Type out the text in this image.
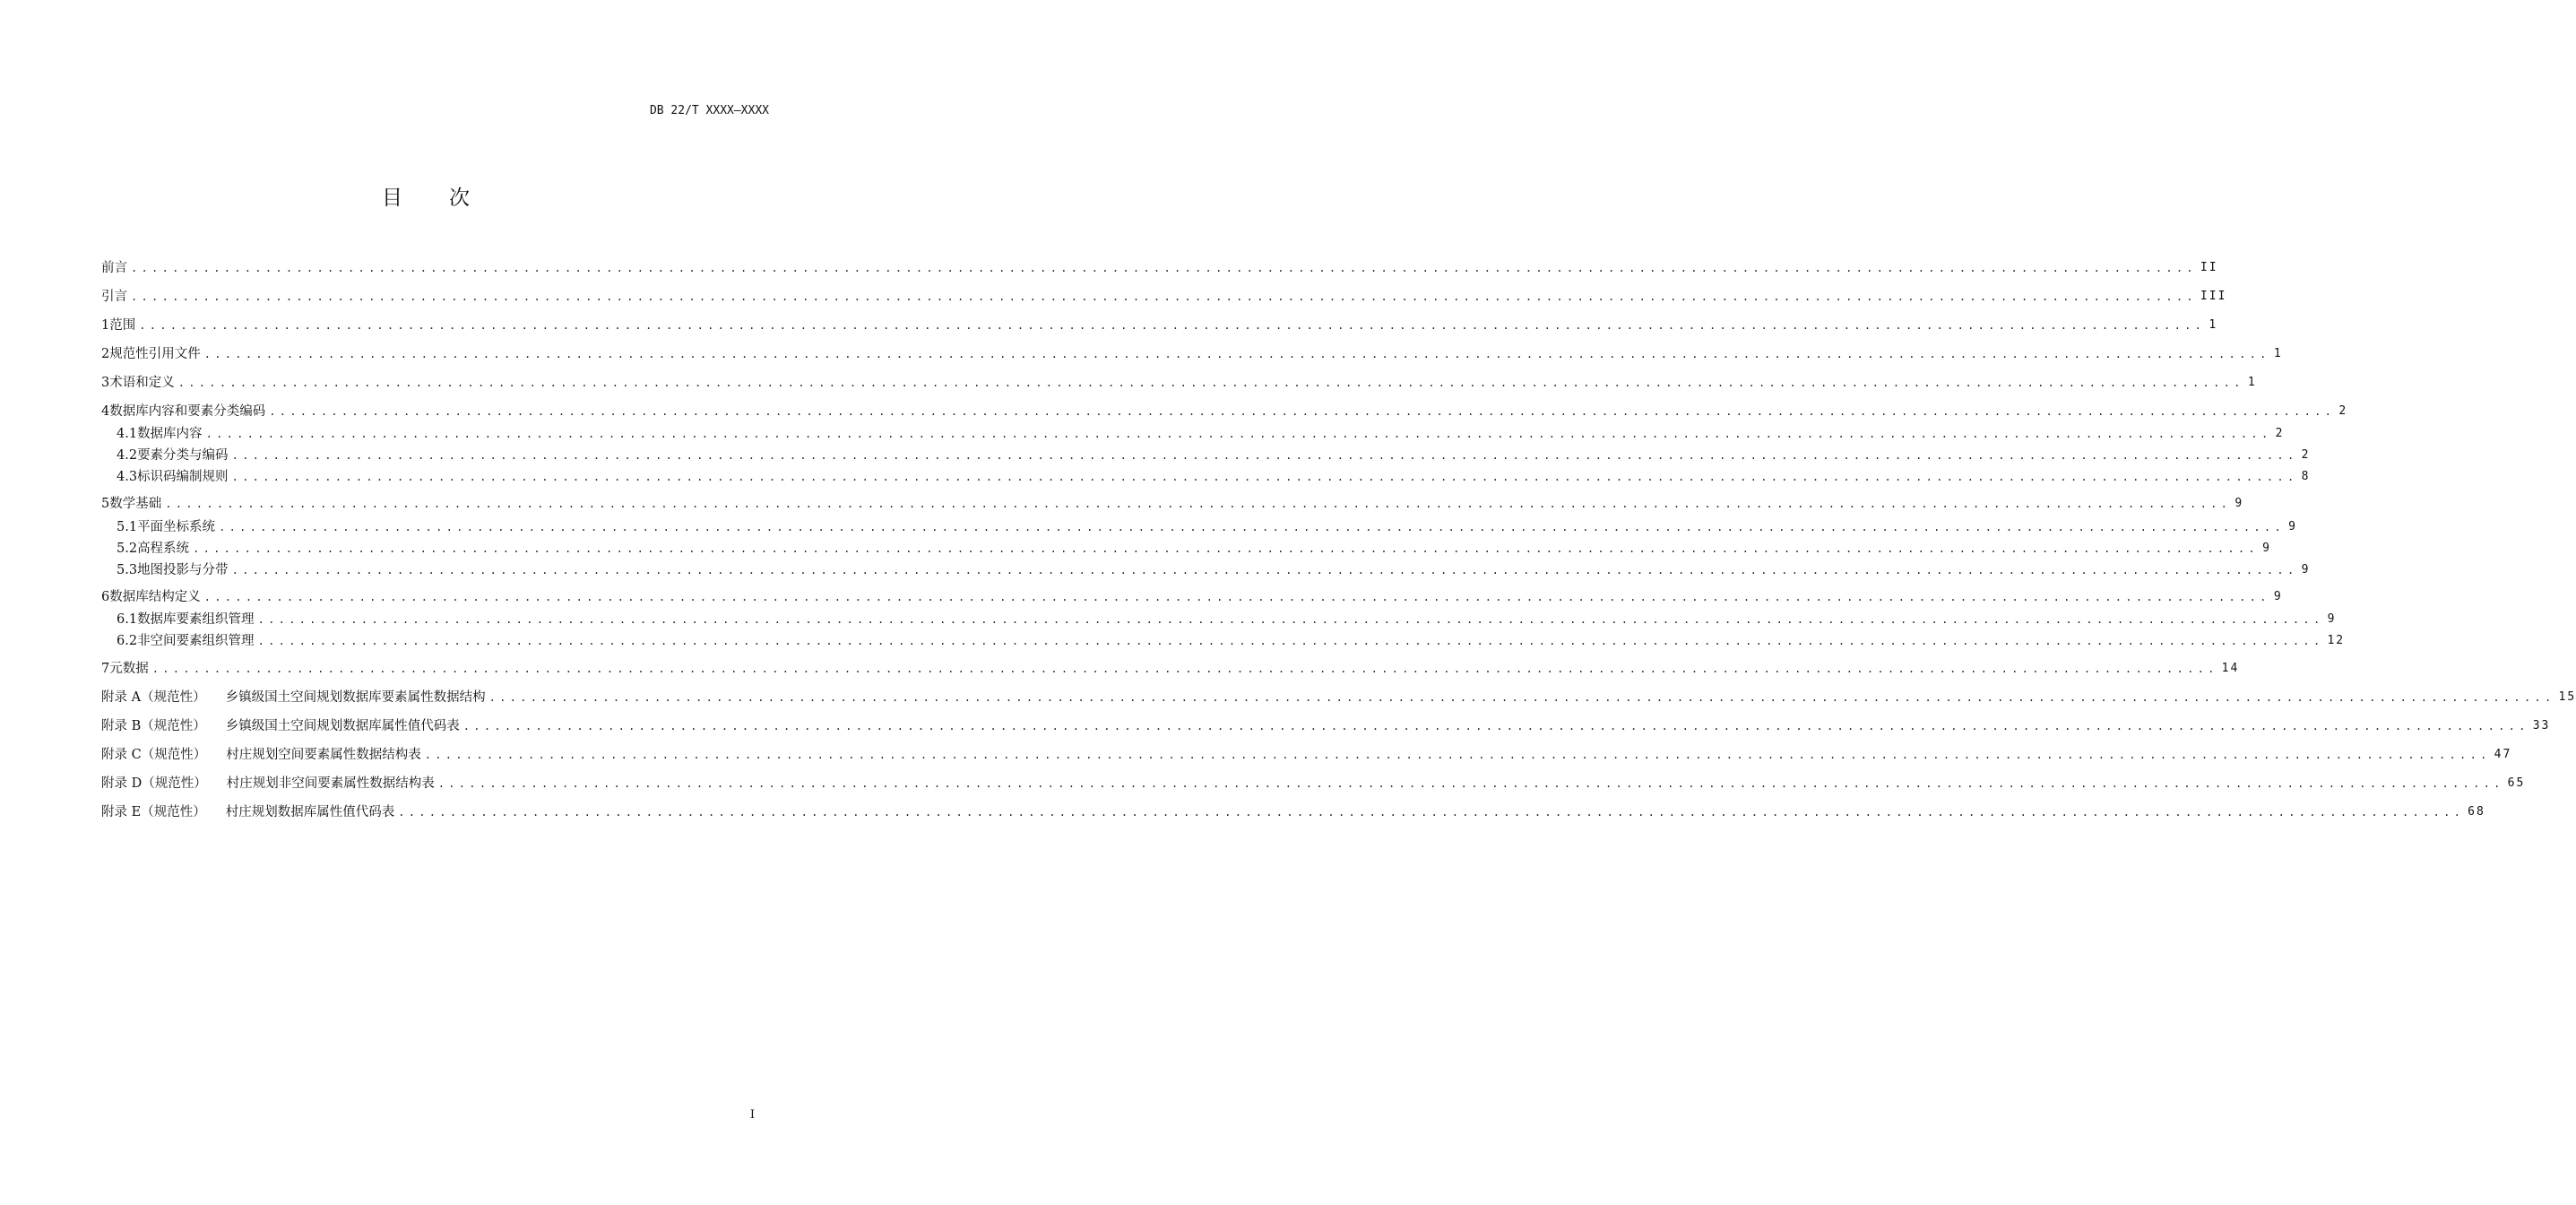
DB 22/T XXXX—XXXX
目次
前言 ........................................................................................................................................................................................................ II
引言 ........................................................................................................................................................................................................ III
1 范围 ........................................................................................................................................................................................................ 1
2 规范性引用文件 ........................................................................................................................................................................................................ 1
3 术语和定义 ........................................................................................................................................................................................................ 1
4 数据库内容和要素分类编码 ........................................................................................................................................................................................................ 2
4.1 数据库内容 ........................................................................................................................................................................................................ 2
4.2 要素分类与编码 ........................................................................................................................................................................................................ 2
4.3 标识码编制规则 ........................................................................................................................................................................................................ 8
5 数学基础 ........................................................................................................................................................................................................ 9
5.1 平面坐标系统 ........................................................................................................................................................................................................ 9
5.2 高程系统 ........................................................................................................................................................................................................ 9
5.3 地图投影与分带 ........................................................................................................................................................................................................ 9
6 数据库结构定义 ........................................................................................................................................................................................................ 9
6.1 数据库要素组织管理 ........................................................................................................................................................................................................ 9
6.2 非空间要素组织管理 ........................................................................................................................................................................................................ 12
7 元数据 ........................................................................................................................................................................................................ 14
附录 A（规范性） 乡镇级国土空间规划数据库要素属性数据结构 ........................................................................................................................................................................................................ 15
附录 B（规范性） 乡镇级国土空间规划数据库属性值代码表 ........................................................................................................................................................................................................ 33
附录 C（规范性） 村庄规划空间要素属性数据结构表 ........................................................................................................................................................................................................ 47
附录 D（规范性） 村庄规划非空间要素属性数据结构表 ........................................................................................................................................................................................................ 65
附录 E（规范性） 村庄规划数据库属性值代码表 ........................................................................................................................................................................................................ 68
I
